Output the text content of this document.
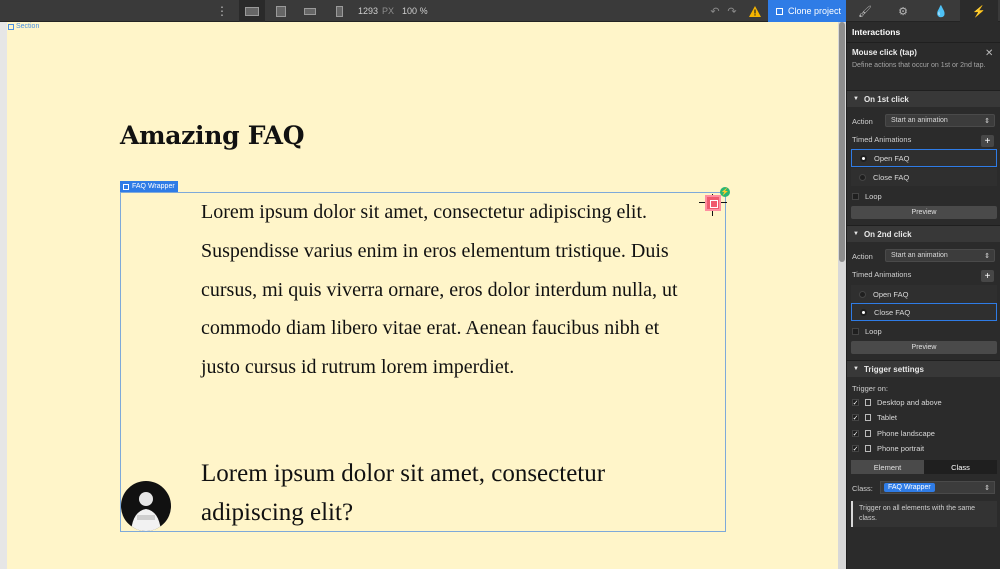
⋮	1293 PX 100 %	↶ ↷	Clone project	🖌	⚙	💧	⚡
Section
Amazing FAQ
FAQ Wrapper
Lorem ipsum dolor sit amet, consectetur adipiscing elit. Suspendisse varius enim in eros elementum tristique. Duis cursus, mi quis viverra ornare, eros dolor interdum nulla, ut commodo diam libero vitae erat. Aenean faucibus nibh et justo cursus id rutrum lorem imperdiet.
Lorem ipsum dolor sit amet, consectetur adipiscing elit?
⚡
Interactions
Mouse click (tap)	✕
Define actions that occur on 1st or 2nd tap.
▼ On 1st click
Action	Start an animation	⇕
Timed Animations	+
Open FAQ
Close FAQ
Loop
Preview
▼ On 2nd click
Action	Start an animation	⇕
Timed Animations	+
Open FAQ
Close FAQ
Loop
Preview
▼ Trigger settings
Trigger on:
✓ Desktop and above
✓ Tablet
✓ Phone landscape
✓ Phone portrait
Element	Class
Class:	FAQ Wrapper	⇕
Trigger on all elements with the same class.
